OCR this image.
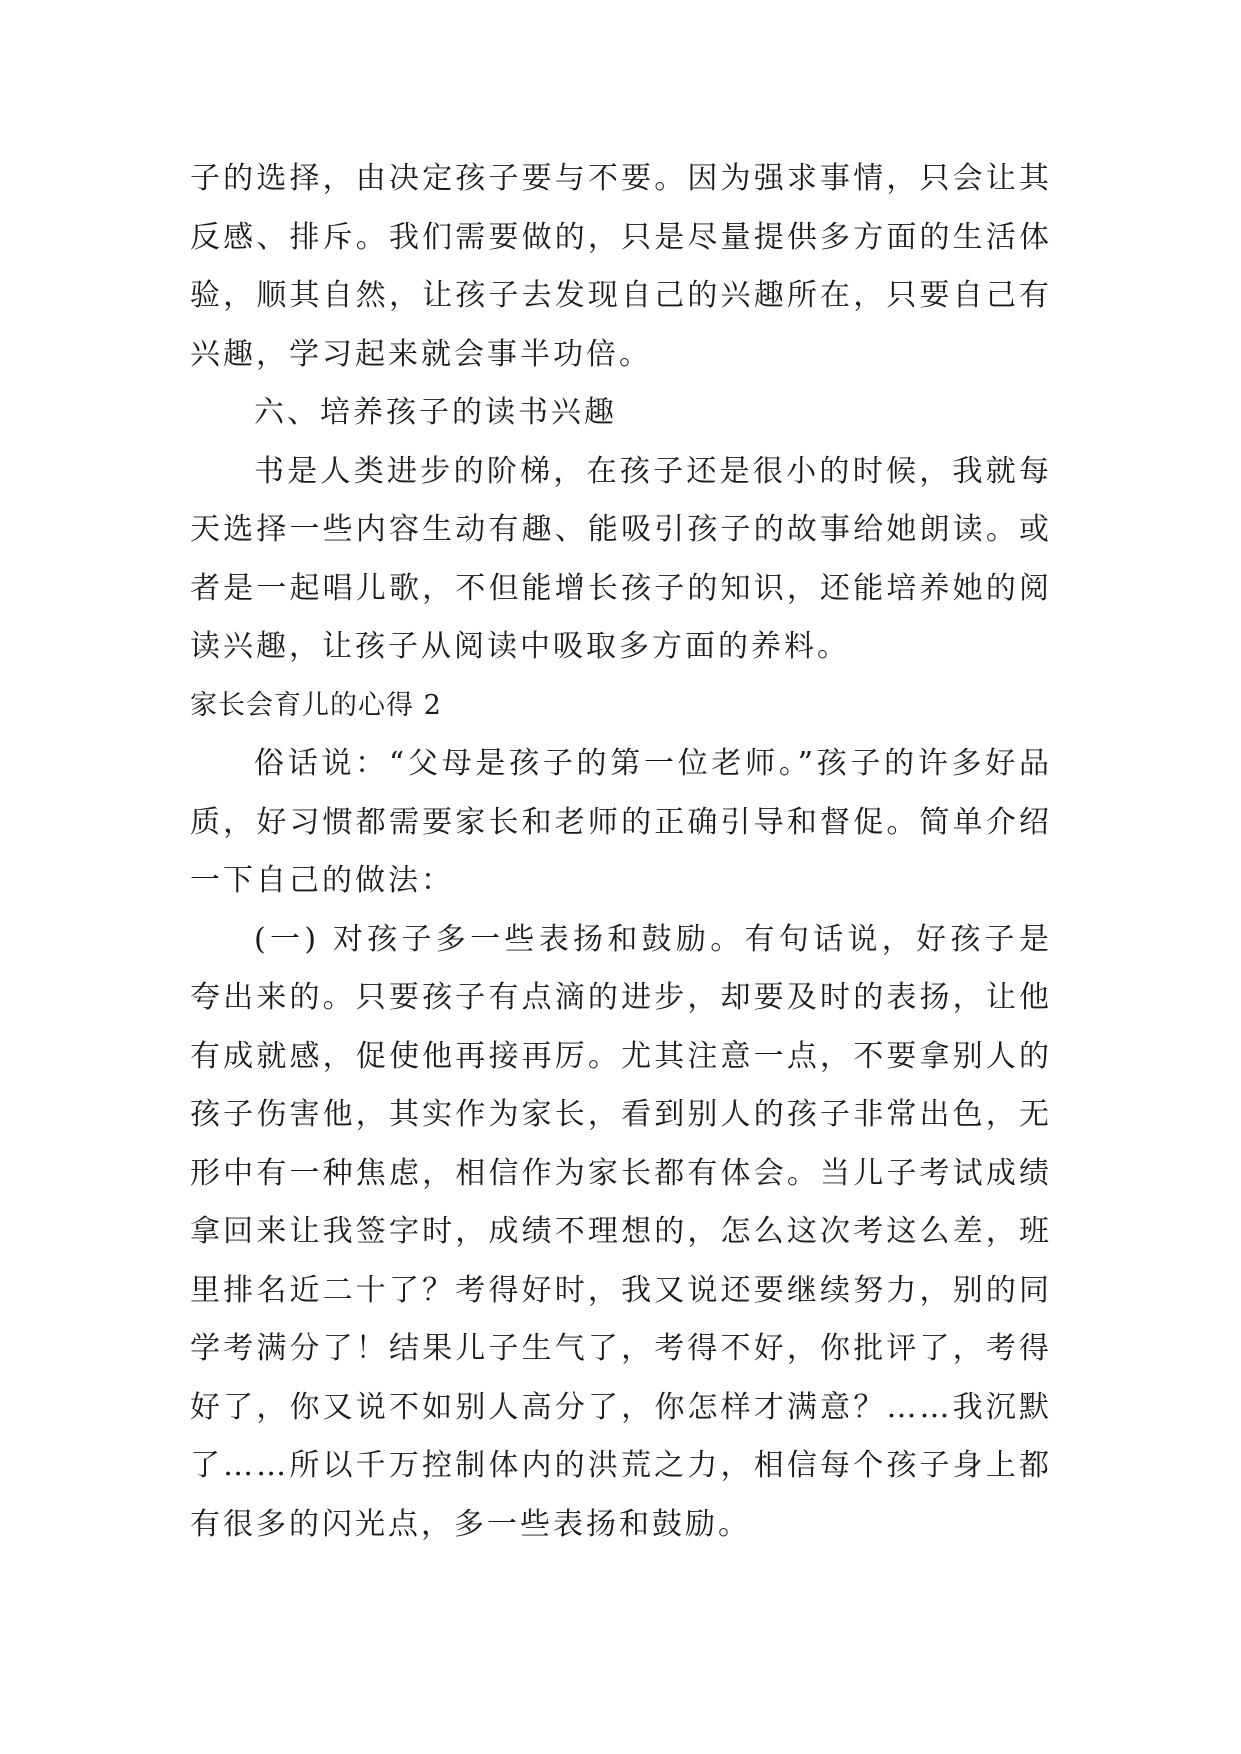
子的选择，由决定孩子要与不要。因为强求事情，只会让其反感、排斥。我们需要做的，只是尽量提供多方面的生活体验，顺其自然，让孩子去发现自己的兴趣所在，只要自己有兴趣，学习起来就会事半功倍。

六、培养孩子的读书兴趣

书是人类进步的阶梯，在孩子还是很小的时候，我就每天选择一些内容生动有趣、能吸引孩子的故事给她朗读。或者是一起唱儿歌，不但能增长孩子的知识，还能培养她的阅读兴趣，让孩子从阅读中吸取多方面的养料。

家长会育儿的心得 2

俗话说：“父母是孩子的第一位老师。”孩子的许多好品质，好习惯都需要家长和老师的正确引导和督促。简单介绍一下自己的做法：

(一) 对孩子多一些表扬和鼓励。有句话说，好孩子是夸出来的。只要孩子有点滴的进步，却要及时的表扬，让他有成就感，促使他再接再厉。尤其注意一点，不要拿别人的孩子伤害他，其实作为家长，看到别人的孩子非常出色，无形中有一种焦虑，相信作为家长都有体会。当儿子考试成绩拿回来让我签字时，成绩不理想的，怎么这次考这么差，班里排名近二十了？考得好时，我又说还要继续努力，别的同学考满分了！结果儿子生气了，考得不好，你批评了，考得好了，你又说不如别人高分了，你怎样才满意？……我沉默了……所以千万控制体内的洪荒之力，相信每个孩子身上都有很多的闪光点，多一些表扬和鼓励。
